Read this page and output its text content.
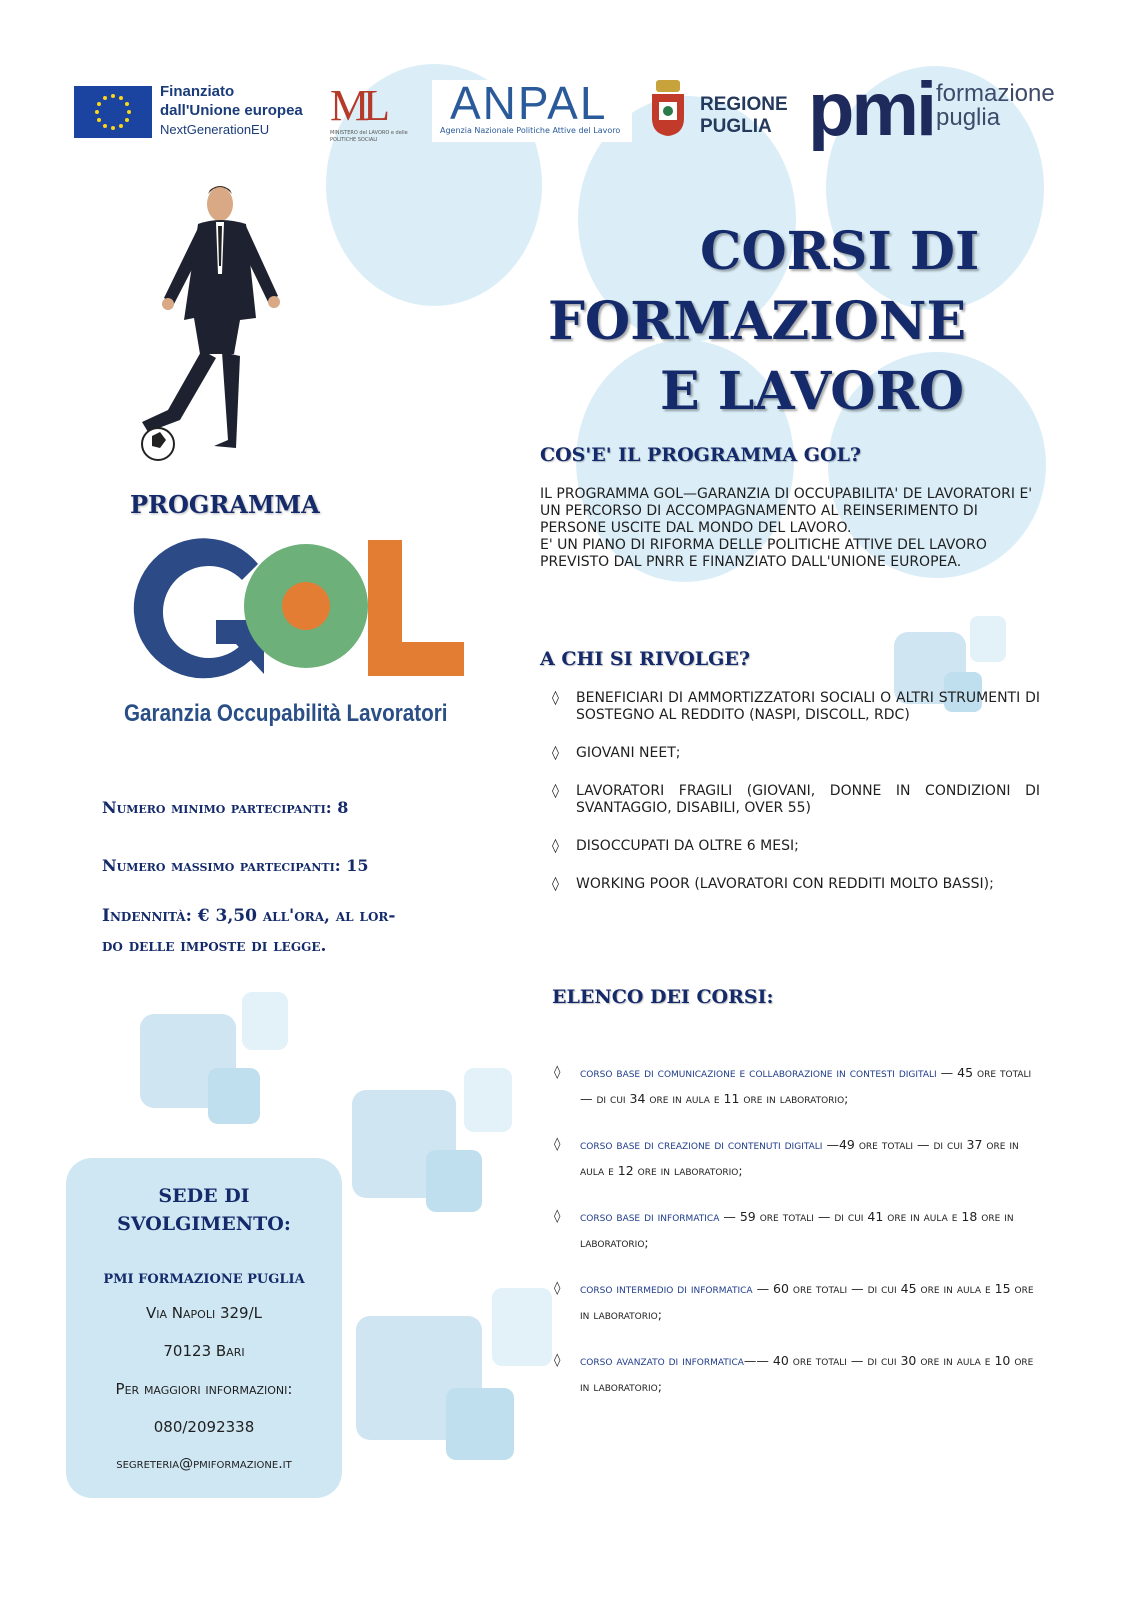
Finanziato
dall'Unione europea
NextGenerationEU	ML
MINISTERO del LAVORO e delle POLITICHE SOCIALI
ANPAL
Agenzia Nazionale Politiche Attive del Lavoro
REGIONE
PUGLIA pmi formazione
puglia
CORSI DI
FORMAZIONE
E LAVORO
COS'E' IL PROGRAMMA GOL?

IL PROGRAMMA GOL—GARANZIA DI OCCUPABILITA' DE LAVORATORI E' UN PERCORSO DI ACCOMPAGNAMENTO AL REINSERIMENTO DI PERSONE USCITE DAL MONDO DEL LAVORO.

E' UN PIANO DI RIFORMA DELLE POLITICHE ATTIVE DEL LAVORO PREVISTO DAL PNRR E FINANZIATO DALL'UNIONE EUROPEA.

A CHI SI RIVOLGE?
◊ BENEFICIARI DI AMMORTIZZATORI SOCIALI O ALTRI STRUMENTI DI SOSTEGNO AL REDDITO (NASPI, DISCOLL, RDC)
◊ GIOVANI NEET;
◊ LAVORATORI FRAGILI (GIOVANI, DONNE IN CONDIZIONI DI SVANTAGGIO, DISABILI, OVER 55)
◊ DISOCCUPATI DA OLTRE 6 MESI;
◊ WORKING POOR (LAVORATORI CON REDDITI MOLTO BASSI);
ELENCO DEI CORSI:
◊ corso base di comunicazione e collaborazione in contesti digitali — 45 ore totali — di cui 34 ore in aula e 11 ore in laboratorio;
◊ corso base di creazione di contenuti digitali —49 ore totali — di cui 37 ore in aula e 12 ore in laboratorio;
◊ corso base di informatica — 59 ore totali — di cui 41 ore in aula e 18 ore in laboratorio;
◊ corso intermedio di informatica — 60 ore totali — di cui 45 ore in aula e 15 ore in laboratorio;
◊ corso avanzato di informatica—— 40 ore totali — di cui 30 ore in aula e 10 ore in laboratorio;
PROGRAMMA
Garanzia Occupabilità Lavoratori
Numero minimo partecipanti: 8
Numero massimo partecipanti: 15
Indennità: € 3,50 all'ora, al lor-
do delle imposte di legge.
SEDE DI
SVOLGIMENTO:
PMI FORMAZIONE PUGLIA
Via Napoli 329/L
70123 Bari
Per maggiori informazioni:
080/2092338
segreteria@pmiformazione.it
